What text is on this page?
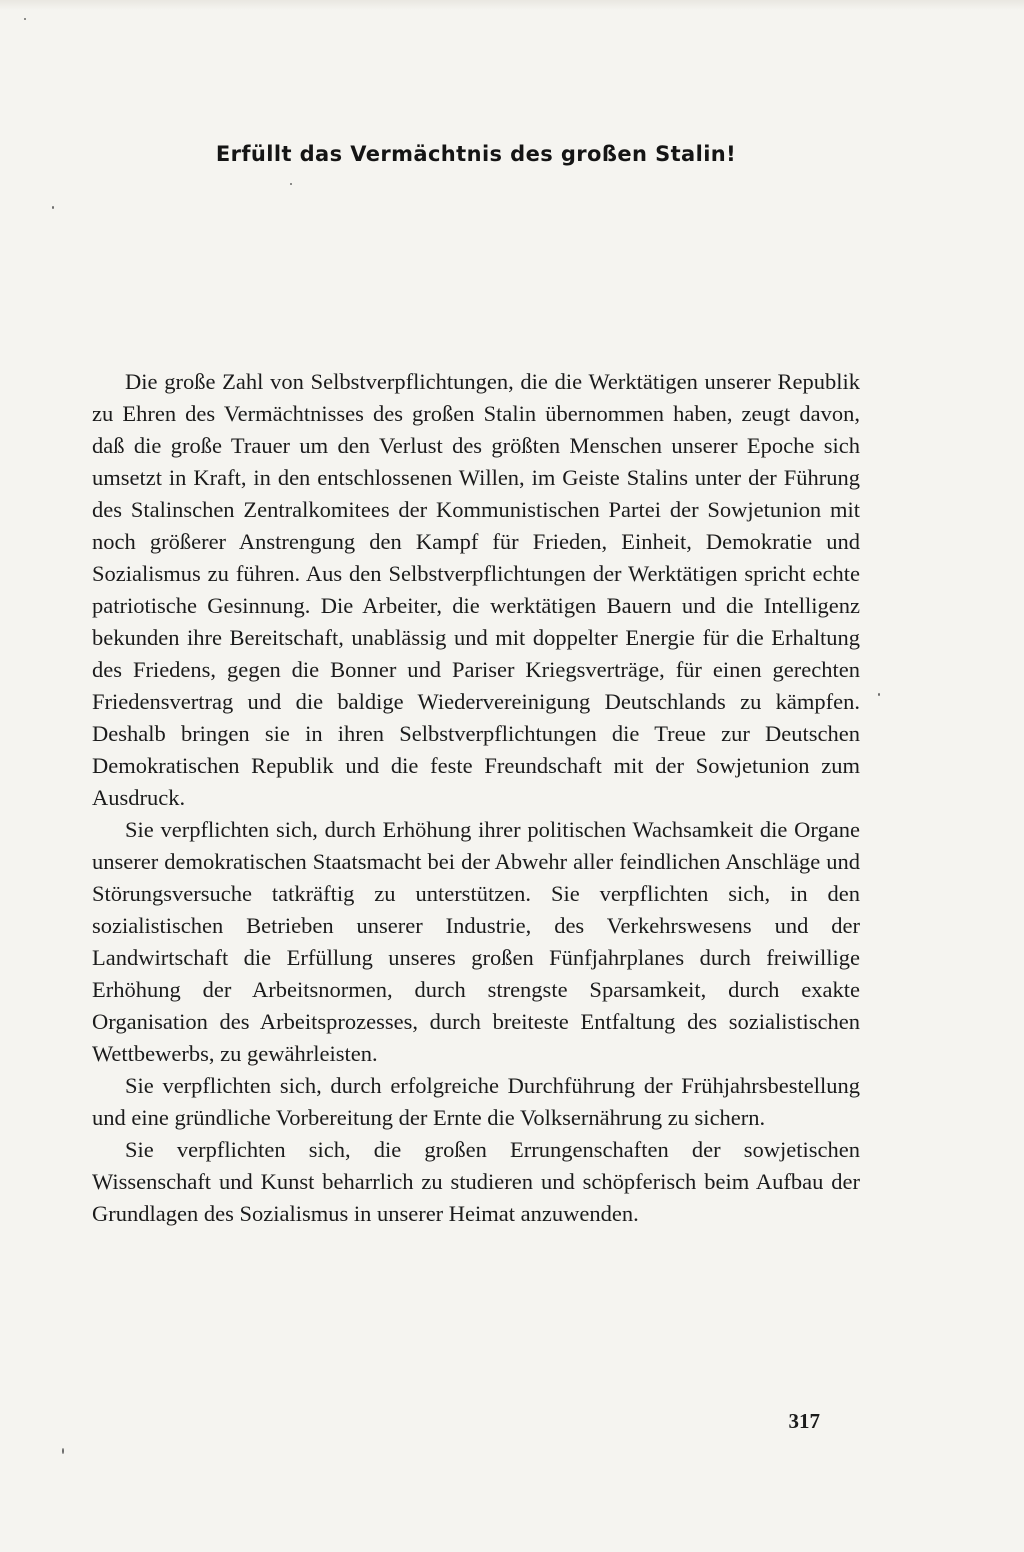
Erfüllt das Vermächtnis des großen Stalin!

Die große Zahl von Selbstverpflichtungen, die die Werktätigen unserer Republik zu Ehren des Vermächtnisses des großen Stalin übernommen haben, zeugt davon, daß die große Trauer um den Verlust des größten Menschen unserer Epoche sich umsetzt in Kraft, in den entschlossenen Willen, im Geiste Stalins unter der Führung des Stalinschen Zentralkomitees der Kommunistischen Partei der Sowjetunion mit noch größerer Anstrengung den Kampf für Frieden, Einheit, Demokratie und Sozialismus zu führen. Aus den Selbstverpflichtungen der Werktätigen spricht echte patriotische Gesinnung. Die Arbeiter, die werktätigen Bauern und die Intelligenz bekunden ihre Bereitschaft, unablässig und mit doppelter Energie für die Erhaltung des Friedens, gegen die Bonner und Pariser Kriegsverträge, für einen gerechten Friedensvertrag und die baldige Wiedervereinigung Deutschlands zu kämpfen. Deshalb bringen sie in ihren Selbstverpflichtungen die Treue zur Deutschen Demokratischen Republik und die feste Freundschaft mit der Sowjetunion zum Ausdruck.

Sie verpflichten sich, durch Erhöhung ihrer politischen Wachsamkeit die Organe unserer demokratischen Staatsmacht bei der Abwehr aller feindlichen Anschläge und Störungsversuche tatkräftig zu unterstützen. Sie verpflichten sich, in den sozialistischen Betrieben unserer Industrie, des Verkehrswesens und der Landwirtschaft die Erfüllung unseres großen Fünfjahrplanes durch freiwillige Erhöhung der Arbeitsnormen, durch strengste Sparsamkeit, durch exakte Organisation des Arbeitsprozesses, durch breiteste Entfaltung des sozialistischen Wettbewerbs, zu gewährleisten.

Sie verpflichten sich, durch erfolgreiche Durchführung der Frühjahrsbestellung und eine gründliche Vorbereitung der Ernte die Volksernährung zu sichern.

Sie verpflichten sich, die großen Errungenschaften der sowjetischen Wissenschaft und Kunst beharrlich zu studieren und schöpferisch beim Aufbau der Grundlagen des Sozialismus in unserer Heimat anzuwenden.

317
